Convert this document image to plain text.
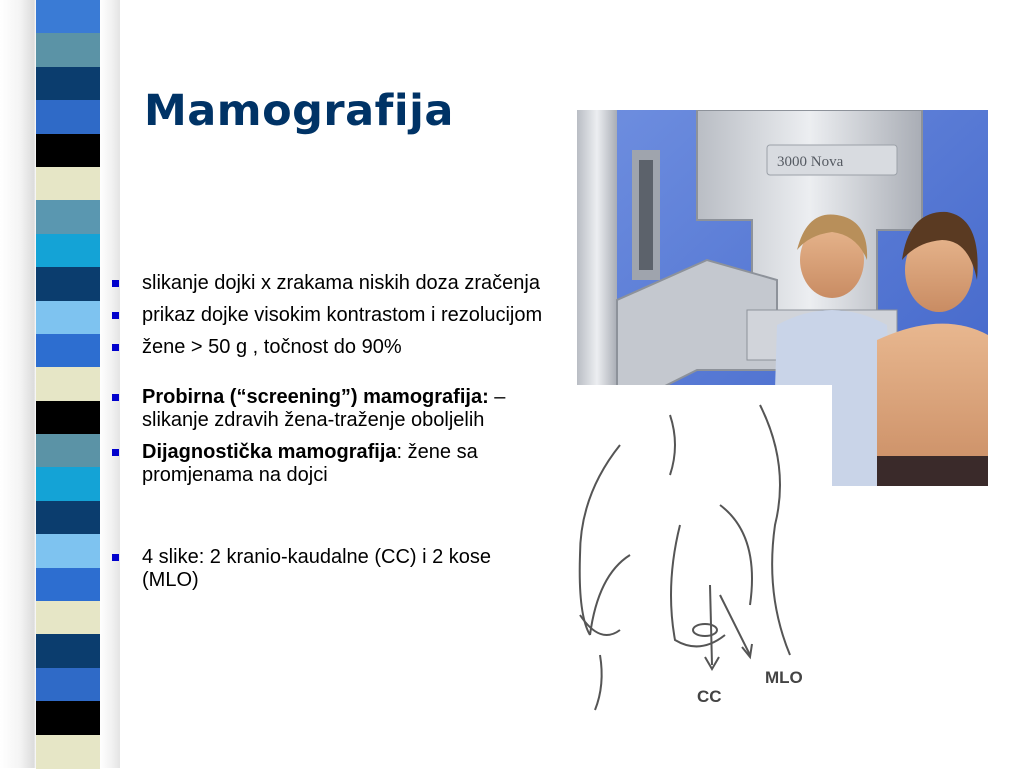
Mamografija
slikanje dojki x zrakama niskih doza zračenja
prikaz dojke visokim kontrastom i rezolucijom
žene > 50 g , točnost do 90%
Probirna (“screening”) mamografija: –slikanje zdravih žena-traženje oboljelih
Dijagnostička mamografija: žene sa promjenama na dojci
4 slike: 2 kranio-kaudalne (CC) i 2 kose (MLO)
3000 Nova
CC
MLO
